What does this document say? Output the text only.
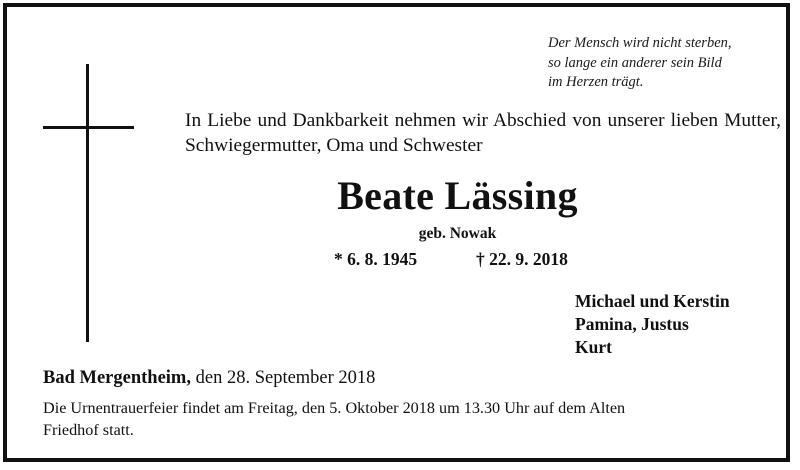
Der Mensch wird nicht sterben,
so lange ein anderer sein Bild
im Herzen trägt.
In Liebe und Dankbarkeit nehmen wir Abschied von unserer lieben Mutter, Schwiegermutter, Oma und Schwester
Beate Lässing
geb. Nowak
* 6. 8. 1945	† 22. 9. 2018
Michael und Kerstin
Pamina, Justus
Kurt
Bad Mergentheim, den 28. September 2018
Die Urnentrauerfeier findet am Freitag, den 5. Oktober 2018 um 13.30 Uhr auf dem Alten Friedhof statt.
